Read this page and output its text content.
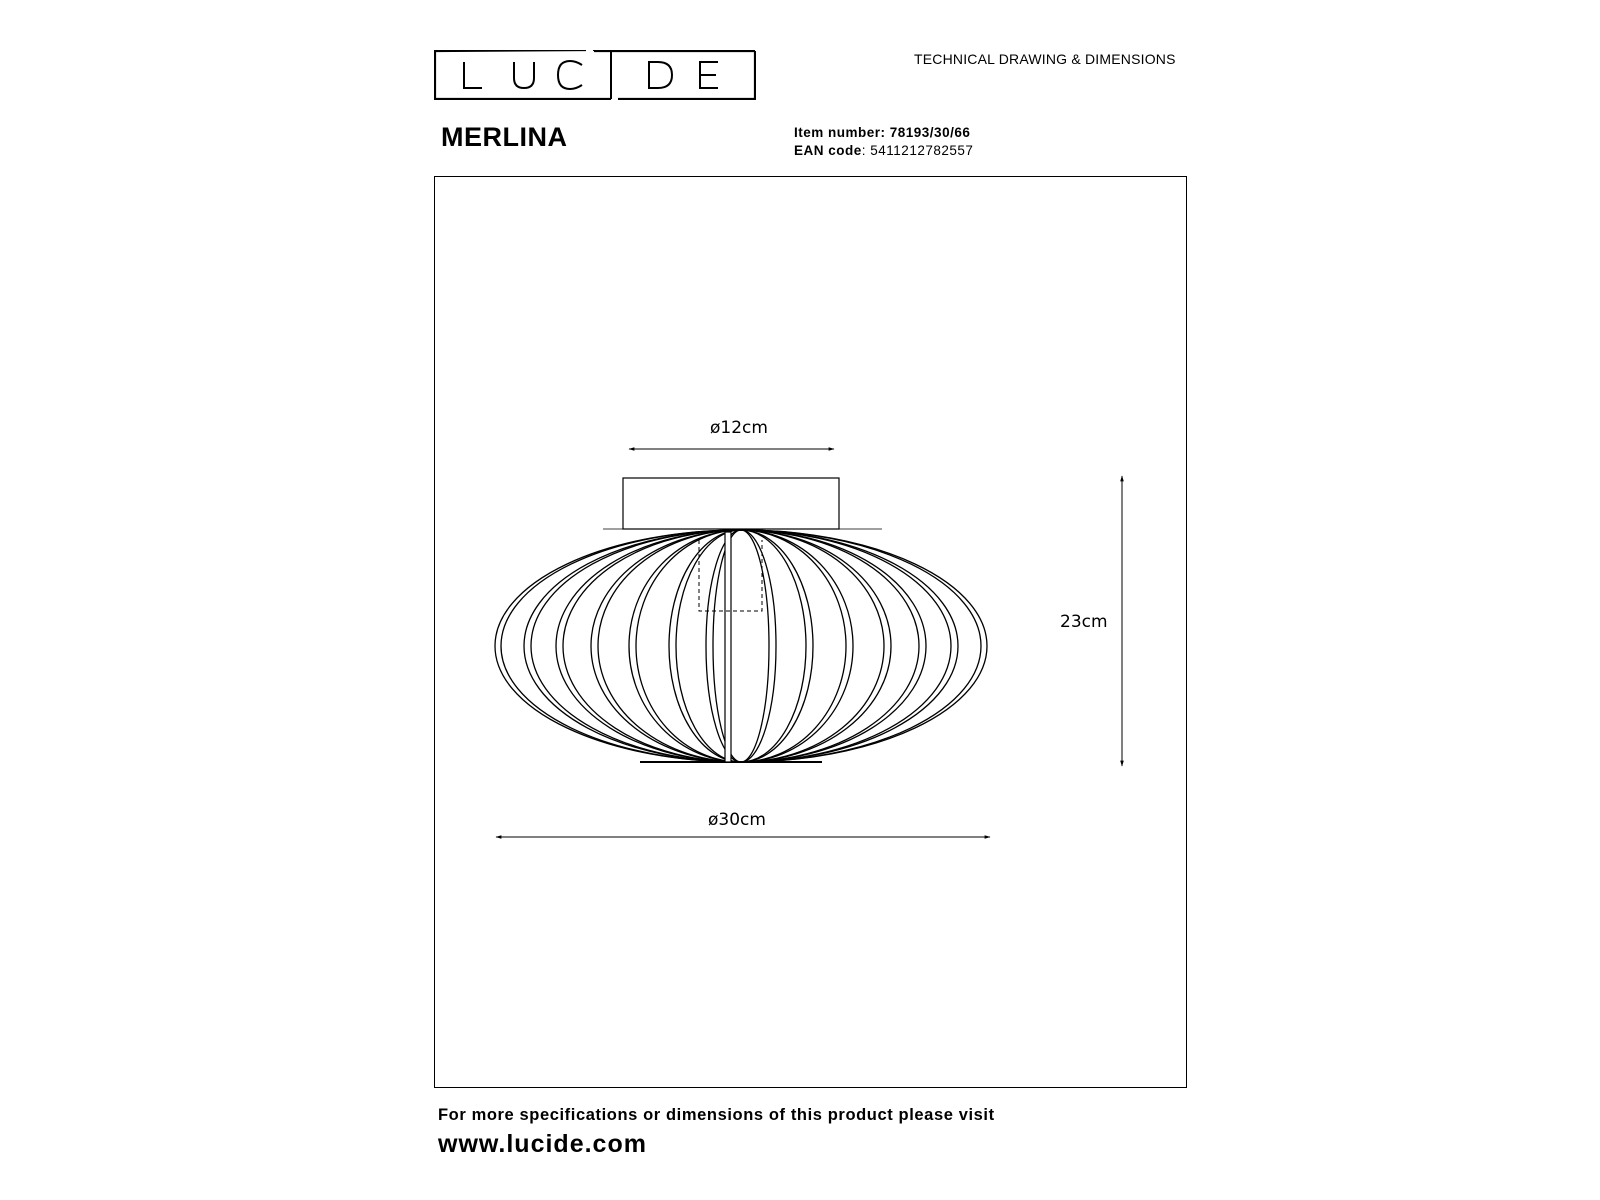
TECHNICAL DRAWING & DIMENSIONS
MERLINA	Item number: 78193/30/66
EAN code: 5411212782557
ø12cm
23cm
ø30cm
For more specifications or dimensions of this product please visit
www.lucide.com
